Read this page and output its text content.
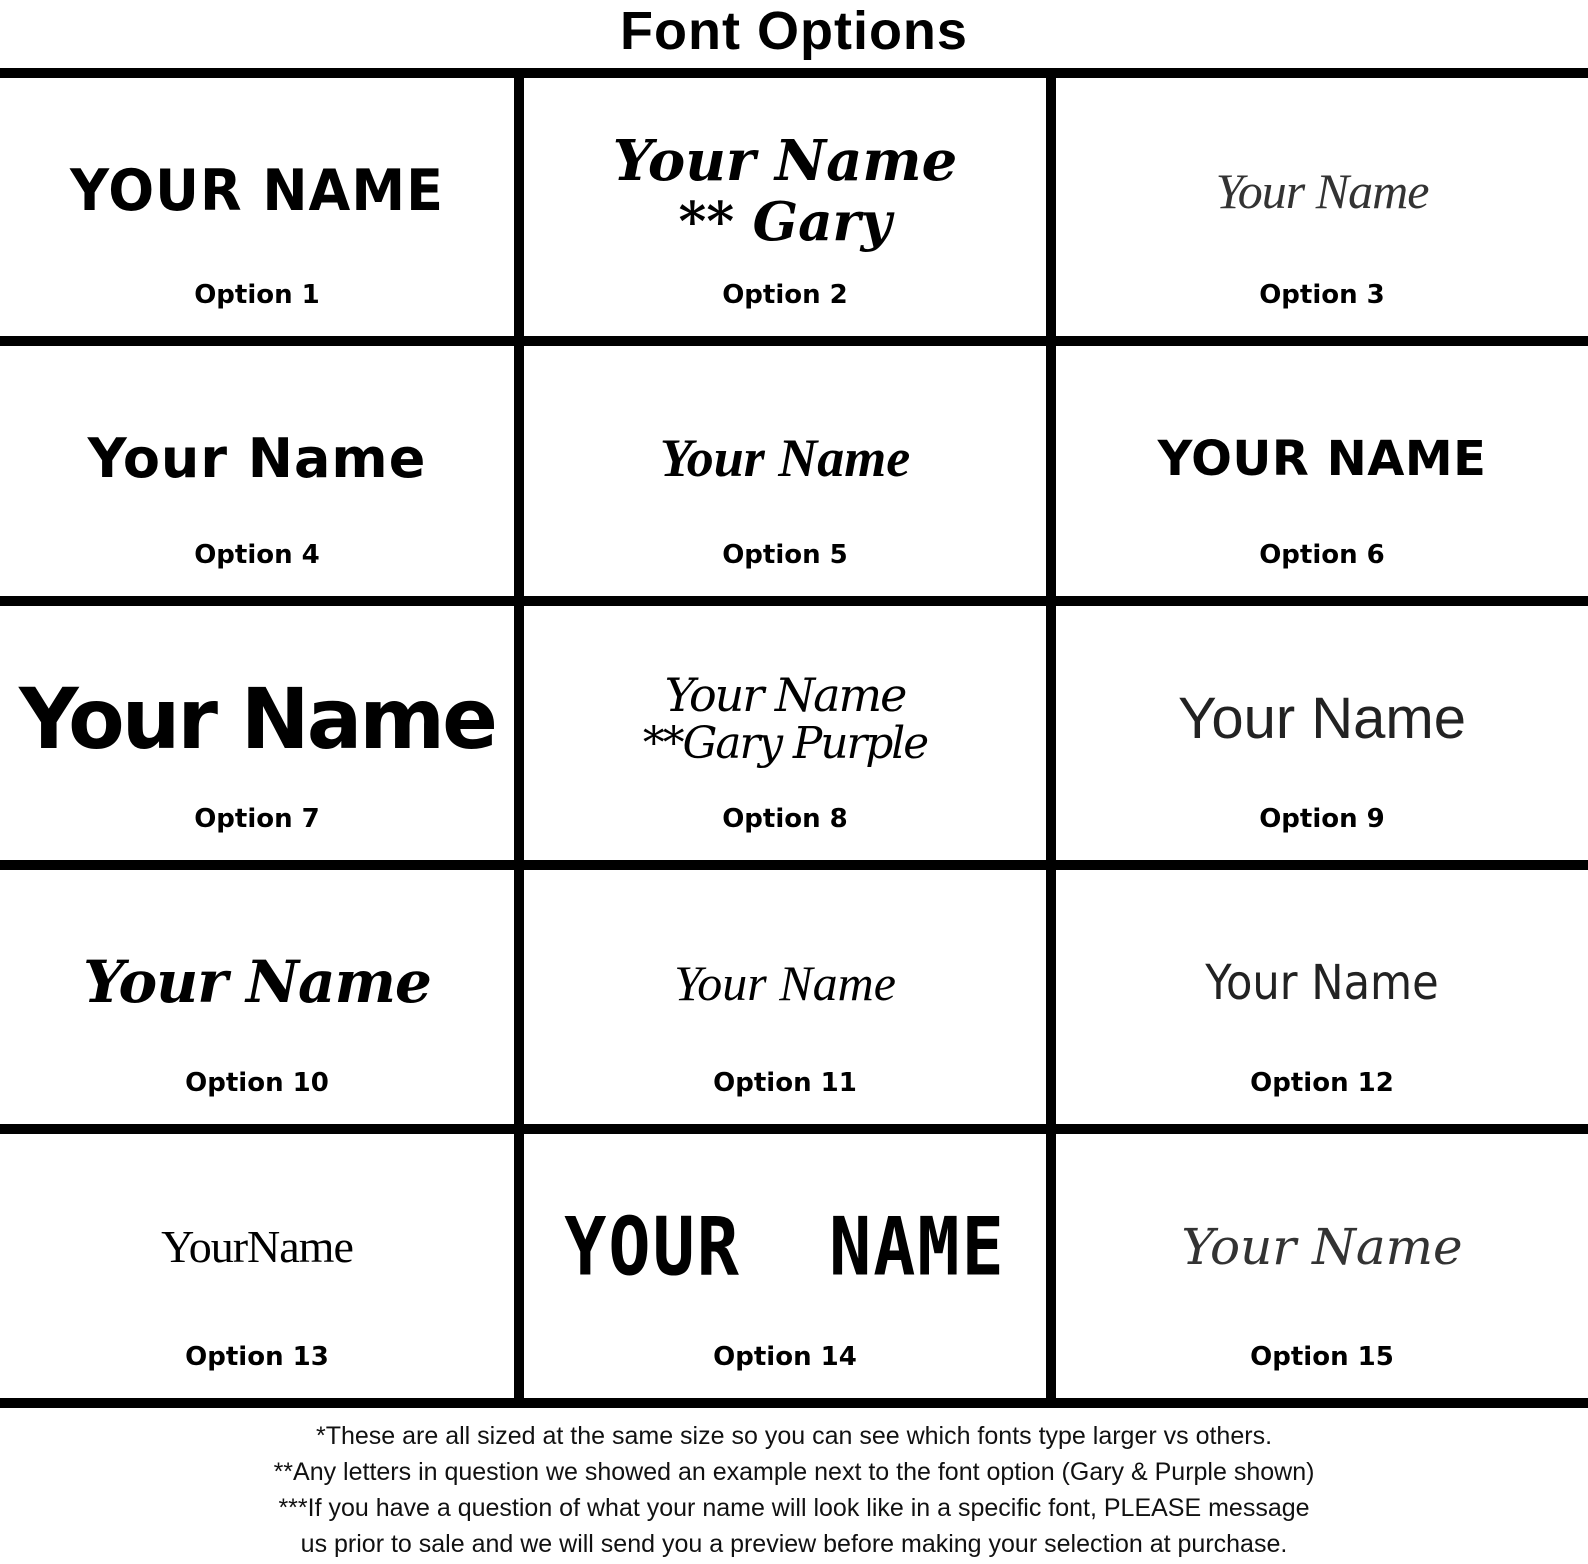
Font Options
YOUR NAME
Option 1
Your Name
** Gary
Option 2
Your Name
Option 3
Your Name
Option 4
Your Name
Option 5
YOUR NAME
Option 6
Your Name
Option 7
Your Name
**Gary Purple
Option 8
Your Name
Option 9
Your Name
Option 10
Your Name
Option 11
Your Name
Option 12
YourName
Option 13
YOUR  NAME
Option 14
Your Name
Option 15
*These are all sized at the same size so you can see which fonts type larger vs others.
**Any letters in question we showed an example next to the font option (Gary & Purple shown)
***If you have a question of what your name will look like in a specific font, PLEASE message
us prior to sale and we will send you a preview before making your selection at purchase.
